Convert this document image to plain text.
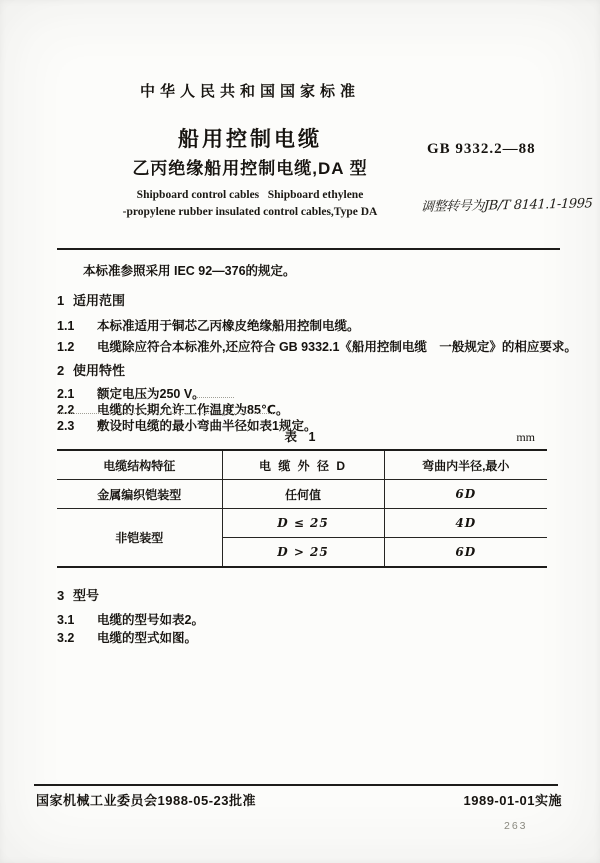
中华人民共和国国家标准
船用控制电缆
乙丙绝缘船用控制电缆,DA 型
GB 9332.2—88
Shipboard control cables   Shipboard ethylene
-propylene rubber insulated control cables,Type DA	调整转号为JB/T 8141.1-1995
本标准参照采用 IEC 92—376的规定。
1 适用范围
1.1 本标准适用于铜芯乙丙橡皮绝缘船用控制电缆。
1.2 电缆除应符合本标准外,还应符合 GB 9332.1《船用控制电缆　一般规定》的相应要求。
2 使用特性
2.1 额定电压为250 V。
2.2 电缆的长期允许工作温度为85℃。
2.3 敷设时电缆的最小弯曲半径如表1规定。
表 1	mm
电缆结构特征	电 缆 外 径 D	弯曲内半径,最小
金属编织铠装型	任何值	6D
非铠装型	D ≤ 25	4D
	D > 25	6D
3 型号
3.1 电缆的型号如表2。
3.2 电缆的型式如图。
国家机械工业委员会1988-05-23批准	1989-01-01实施
263
